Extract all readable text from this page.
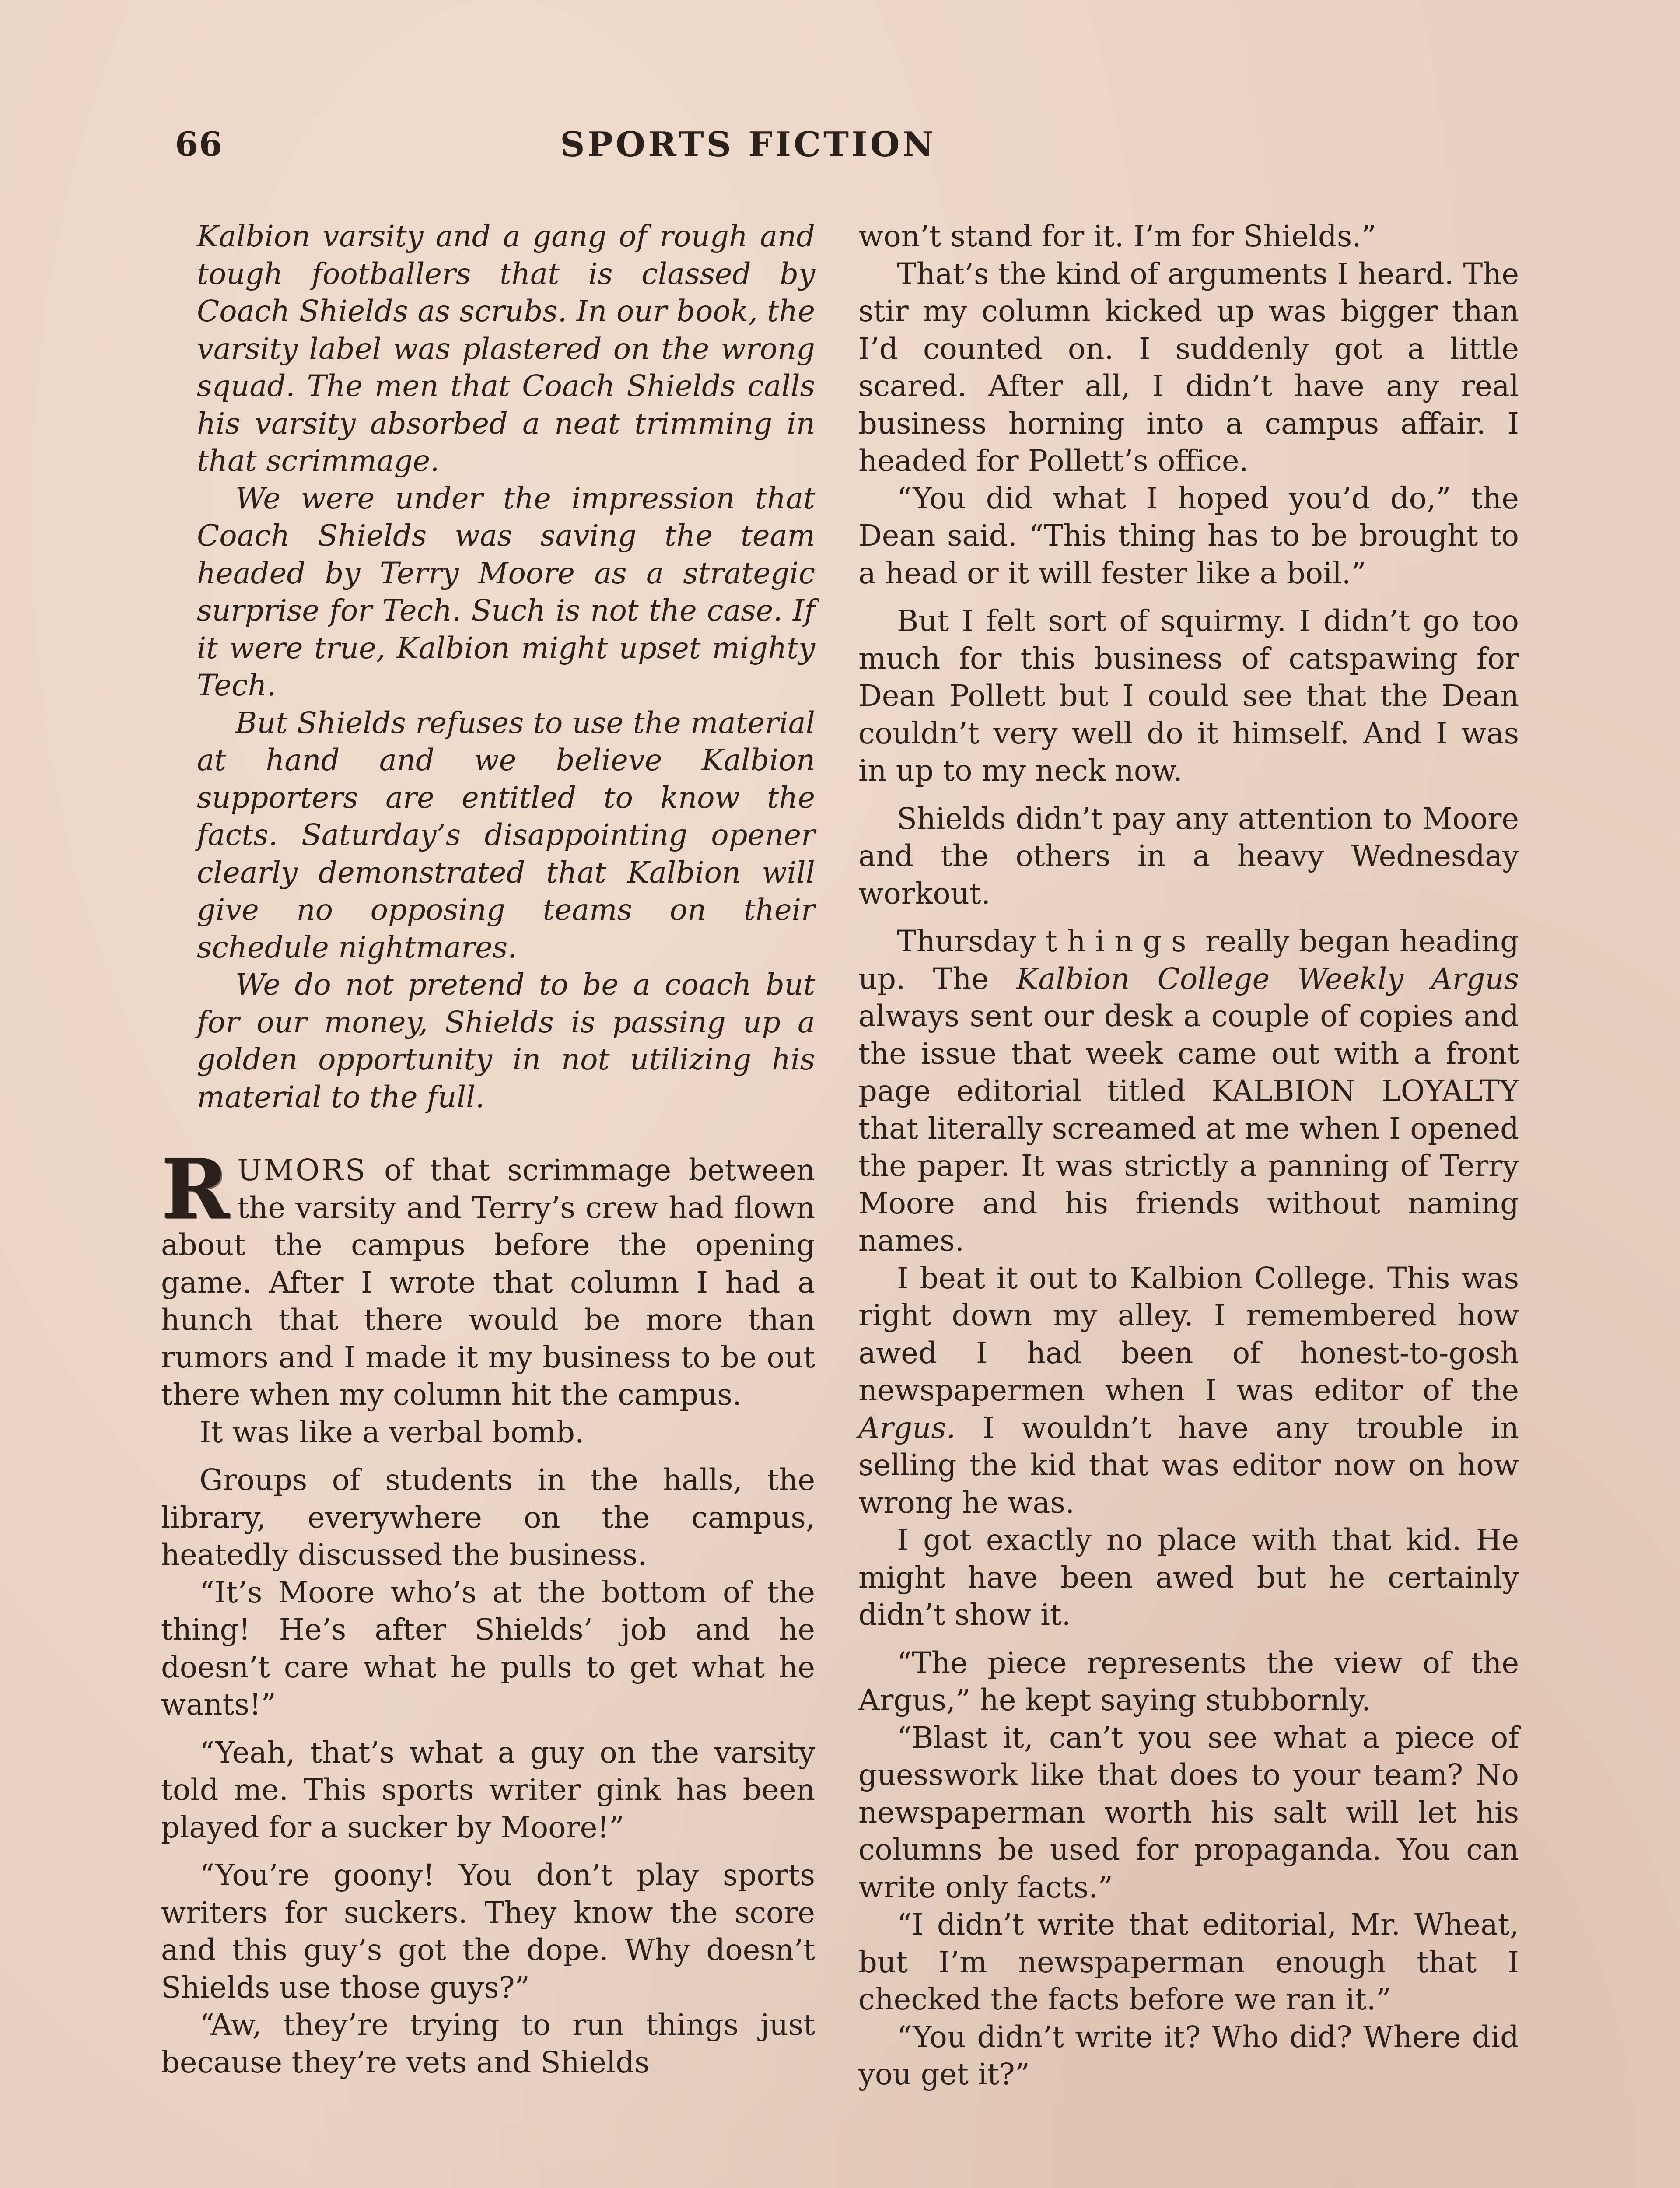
66	SPORTS FICTION

Kalbion varsity and a gang of rough and tough footballers that is classed by Coach Shields as scrubs. In our book, the varsity label was plastered on the wrong squad. The men that Coach Shields calls his varsity absorbed a neat trimming in that scrimmage.

We were under the impression that Coach Shields was saving the team headed by Terry Moore as a strategic surprise for Tech. Such is not the case. If it were true, Kalbion might upset mighty Tech.

But Shields refuses to use the material at hand and we believe Kalbion supporters are entitled to know the facts. Saturday’s disappointing opener clearly demonstrated that Kalbion will give no opposing teams on their schedule nightmares.

We do not pretend to be a coach but for our money, Shields is passing up a golden opportunity in not utilizing his material to the full.

RUMORS of that scrimmage between the varsity and Terry’s crew had flown about the campus before the opening game. After I wrote that column I had a hunch that there would be more than rumors and I made it my business to be out there when my column hit the campus.

It was like a verbal bomb.

Groups of students in the halls, the library, everywhere on the campus, heatedly discussed the business.

“It’s Moore who’s at the bottom of the thing! He’s after Shields’ job and he doesn’t care what he pulls to get what he wants!”

“Yeah, that’s what a guy on the varsity told me. This sports writer gink has been played for a sucker by Moore!”

“You’re goony! You don’t play sports writers for suckers. They know the score and this guy’s got the dope. Why doesn’t Shields use those guys?”

“Aw, they’re trying to run things just because they’re vets and Shields

won’t stand for it. I’m for Shields.”

That’s the kind of arguments I heard. The stir my column kicked up was bigger than I’d counted on. I suddenly got a little scared. After all, I didn’t have any real business horning into a campus affair. I headed for Pollett’s office.

“You did what I hoped you’d do,” the Dean said. “This thing has to be brought to a head or it will fester like a boil.”

But I felt sort of squirmy. I didn’t go too much for this business of catspawing for Dean Pollett but I could see that the Dean couldn’t very well do it himself. And I was in up to my neck now.

Shields didn’t pay any attention to Moore and the others in a heavy Wednesday workout.

Thursday things really began heading up. The Kalbion College Weekly Argus always sent our desk a couple of copies and the issue that week came out with a front page editorial titled KALBION LOYALTY that literally screamed at me when I opened the paper. It was strictly a panning of Terry Moore and his friends without naming names.

I beat it out to Kalbion College. This was right down my alley. I remembered how awed I had been of honest-to-gosh newspapermen when I was editor of the Argus. I wouldn’t have any trouble in selling the kid that was editor now on how wrong he was.

I got exactly no place with that kid. He might have been awed but he certainly didn’t show it.

“The piece represents the view of the Argus,” he kept saying stubbornly.

“Blast it, can’t you see what a piece of guesswork like that does to your team? No newspaperman worth his salt will let his columns be used for propaganda. You can write only facts.”

“I didn’t write that editorial, Mr. Wheat, but I’m newspaperman enough that I checked the facts before we ran it.”

“You didn’t write it? Who did? Where did you get it?”
